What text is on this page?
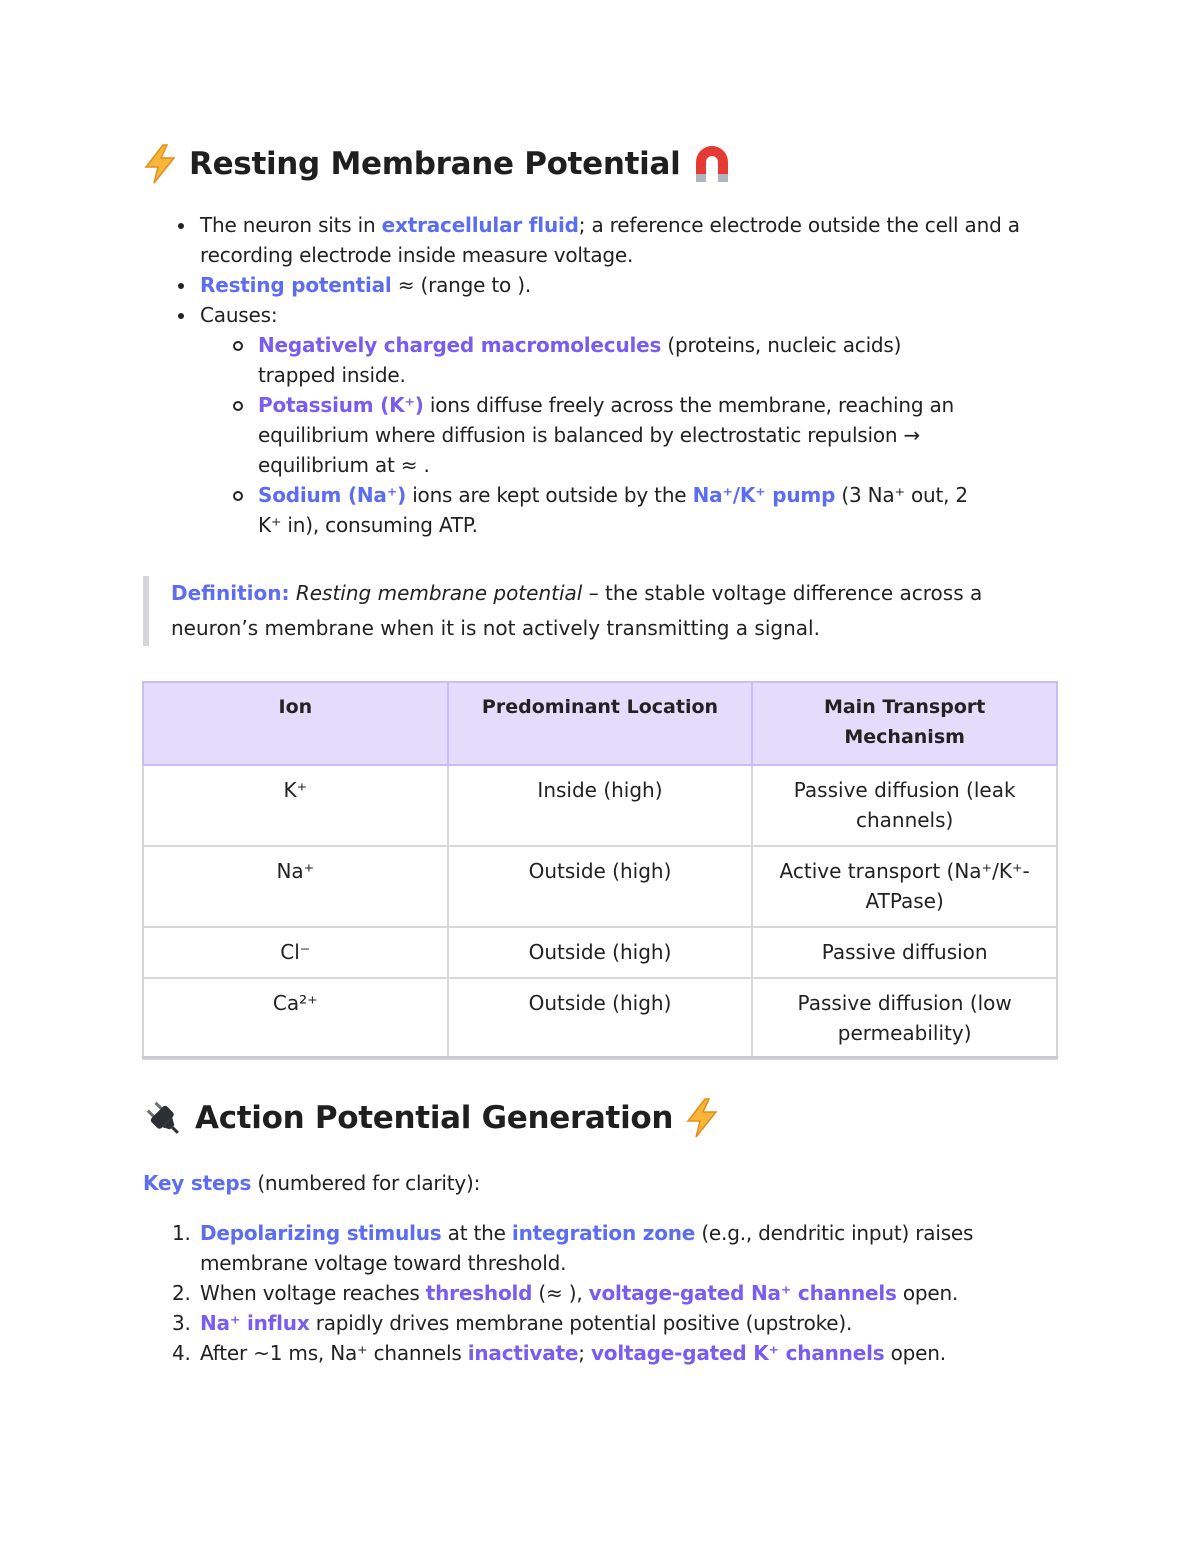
Resting Membrane Potential
The neuron sits in extracellular fluid; a reference electrode outside the cell and a recording electrode inside measure voltage.
Resting potential ≈ (range to ).
Causes:
Negatively charged macromolecules (proteins, nucleic acids) trapped inside.
Potassium (K⁺) ions diffuse freely across the membrane, reaching an equilibrium where diffusion is balanced by electrostatic repulsion → equilibrium at ≈ .
Sodium (Na⁺) ions are kept outside by the Na⁺/K⁺ pump (3 Na⁺ out, 2 K⁺ in), consuming ATP.
Definition: Resting membrane potential – the stable voltage difference across a neuron’s membrane when it is not actively transmitting a signal.
Ion	Predominant Location	Main Transport Mechanism
K⁺	Inside (high)	Passive diffusion (leak channels)
Na⁺	Outside (high)	Active transport (Na⁺/K⁺-ATPase)
Cl⁻	Outside (high)	Passive diffusion
Ca²⁺	Outside (high)	Passive diffusion (low permeability)
Action Potential Generation
Key steps (numbered for clarity):
1. Depolarizing stimulus at the integration zone (e.g., dendritic input) raises membrane voltage toward threshold.
2. When voltage reaches threshold (≈ ), voltage-gated Na⁺ channels open.
3. Na⁺ influx rapidly drives membrane potential positive (upstroke).
4. After ~1 ms, Na⁺ channels inactivate; voltage-gated K⁺ channels open.
